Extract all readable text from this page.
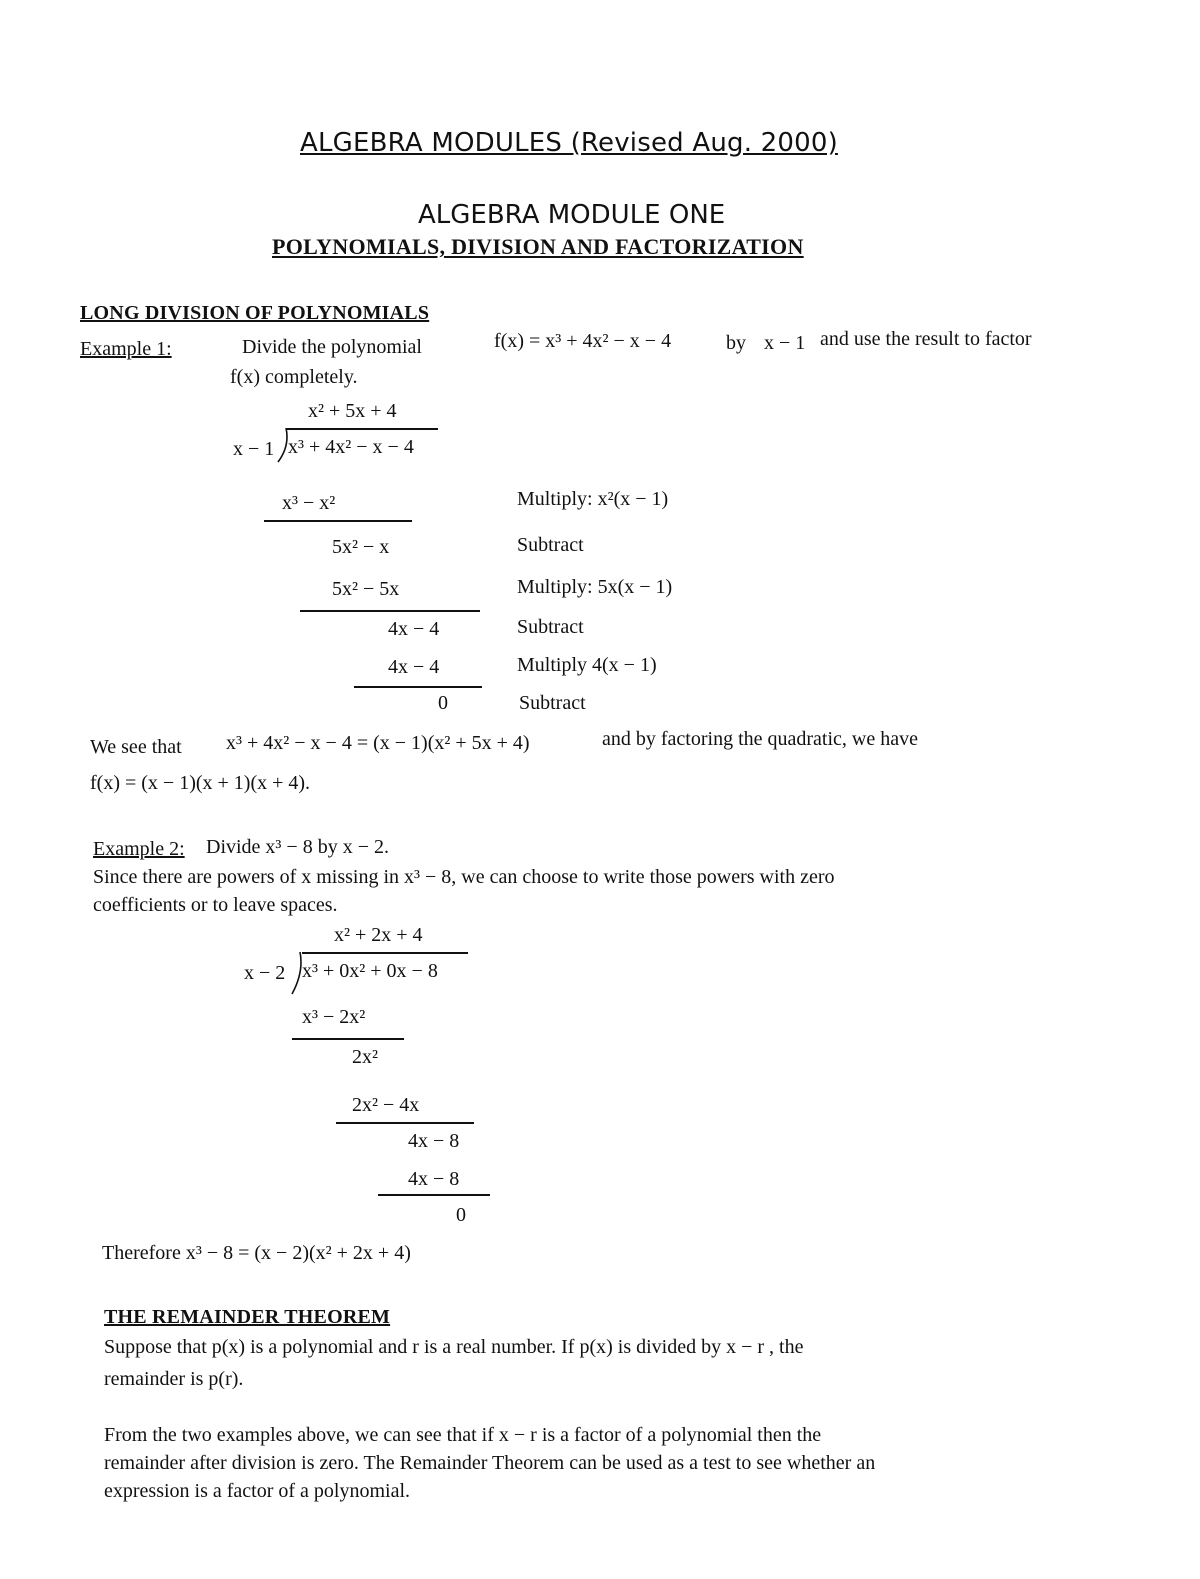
ALGEBRA MODULES (Revised Aug. 2000)
ALGEBRA MODULE ONE
POLYNOMIALS, DIVISION AND FACTORIZATION
LONG DIVISION OF POLYNOMIALS
Example 1:	Divide the polynomial	f(x) = x³ + 4x² − x − 4	by x − 1 and use the result to factor
f(x) completely.
x² + 5x + 4
x − 1 x³ + 4x² − x − 4
x³ − x²	Multiply: x²(x − 1)
5x² − x	Subtract
5x² − 5x	Multiply: 5x(x − 1)
4x − 4	Subtract
4x − 4	Multiply 4(x − 1)
0	Subtract
We see that x³ + 4x² − x − 4 = (x − 1)(x² + 5x + 4)	and by factoring the quadratic, we have
f(x) = (x − 1)(x + 1)(x + 4).
Example 2: Divide x³ − 8 by x − 2.
Since there are powers of x missing in x³ − 8, we can choose to write those powers with zero
coefficients or to leave spaces.
x² + 2x + 4
x − 2 x³ + 0x² + 0x − 8
x³ − 2x²
2x²
2x² − 4x
4x − 8
4x − 8
0
Therefore x³ − 8 = (x − 2)(x² + 2x + 4)
THE REMAINDER THEOREM
Suppose that p(x) is a polynomial and r is a real number. If p(x) is divided by x − r , the
remainder is p(r).
From the two examples above, we can see that if x − r is a factor of a polynomial then the
remainder after division is zero. The Remainder Theorem can be used as a test to see whether an
expression is a factor of a polynomial.
